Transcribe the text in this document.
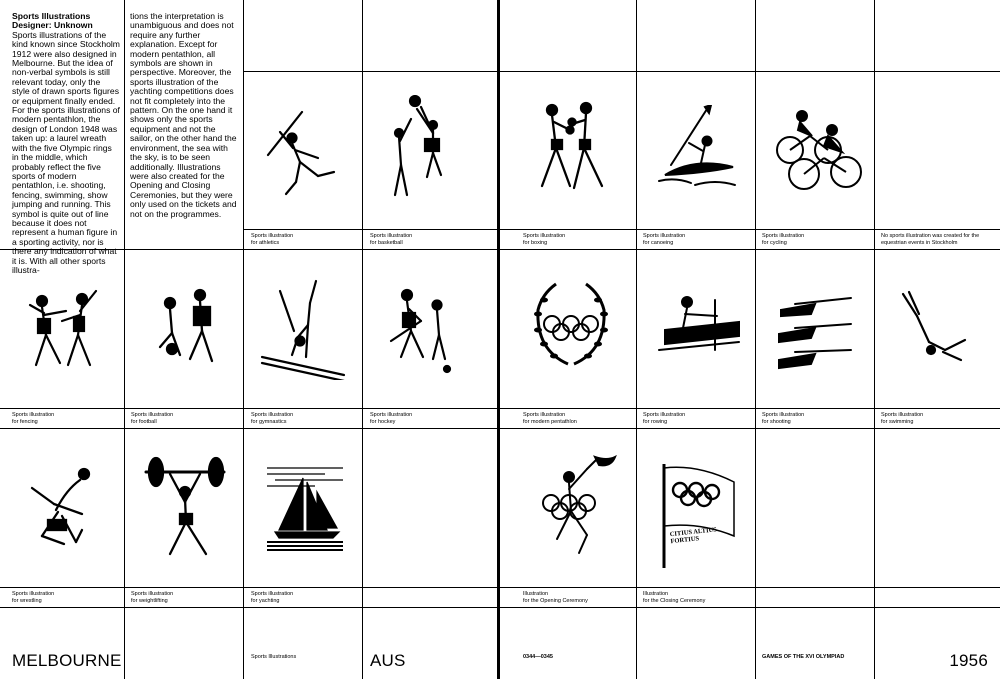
Sports Illustrations

Designer: Unknown

Sports illustrations of the kind known since Stockholm 1912 were also designed in Melbourne. But the idea of non-verbal symbols is still relevant today, only the style of drawn sports figures or equipment finally ended. For the sports illustrations of modern pentathlon, the design of London 1948 was taken up: a laurel wreath with the five Olympic rings in the middle, which probably reflect the five sports of modern pentathlon, i.e. shooting, fencing, swimming, show jumping and running. This symbol is quite out of line because it does not represent a human figure in a sporting activity, nor is there any indication of what it is. With all other sports illustra-

tions the interpretation is unambiguous and does not require any further explanation. Except for modern pentathlon, all symbols are shown in perspective. Moreover, the sports illustration of the yachting competitions does not fit completely into the pattern. On the one hand it shows only the sports equipment and not the sailor, on the other hand the environment, the sea with the sky, is to be seen additionally. Illustrations were also created for the Opening and Closing Ceremonies, but they were only used on the tickets and not on the programmes.

CITIUS ALTIUS FORTIUS
Sports illustration
for athletics
Sports illustration
for basketball
Sports illustration
for boxing
Sports illustration
for canoeing
Sports illustration
for cycling
No sports illustration was created for the
equestrian events in Stockholm
Sports illustration
for fencing
Sports illustration
for football
Sports illustration
for gymnastics
Sports illustration
for hockey
Sports illustration
for modern pentathlon
Sports illustration
for rowing
Sports illustration
for shooting
Sports illustration
for swimming
Sports illustration
for wrestling
Sports illustration
for weightlifting
Sports illustration
for yachting
Illustration
for the Opening Ceremony
Illustration
for the Closing Ceremony
MELBOURNE	Sports Illustrations	AUS	0344—0345	GAMES OF THE XVI OLYMPIAD	1956
